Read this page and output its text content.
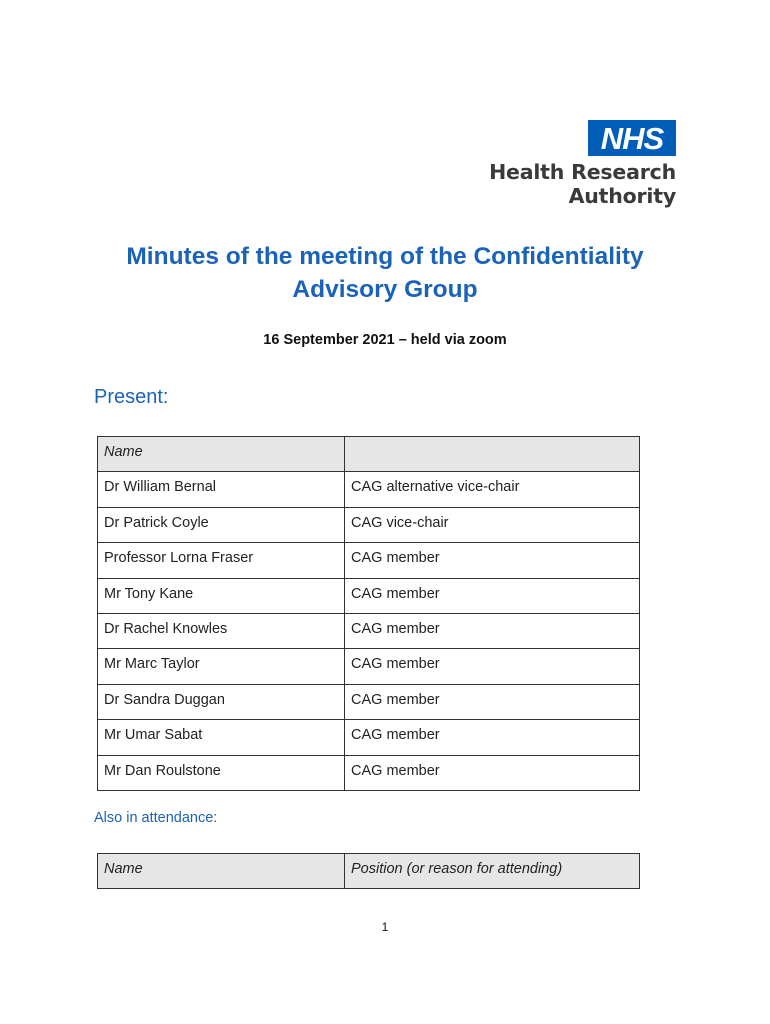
NHS
Health Research
Authority
Minutes of the meeting of the Confidentiality
Advisory Group

16 September 2021 – held via zoom

Present:
Name	
Dr William Bernal	CAG alternative vice-chair
Dr Patrick Coyle	CAG vice-chair
Professor Lorna Fraser	CAG member
Mr Tony Kane	CAG member
Dr Rachel Knowles	CAG member
Mr Marc Taylor	CAG member
Dr Sandra Duggan	CAG member
Mr Umar Sabat	CAG member
Mr Dan Roulstone	CAG member
Also in attendance:
Name	Position (or reason for attending)
1
